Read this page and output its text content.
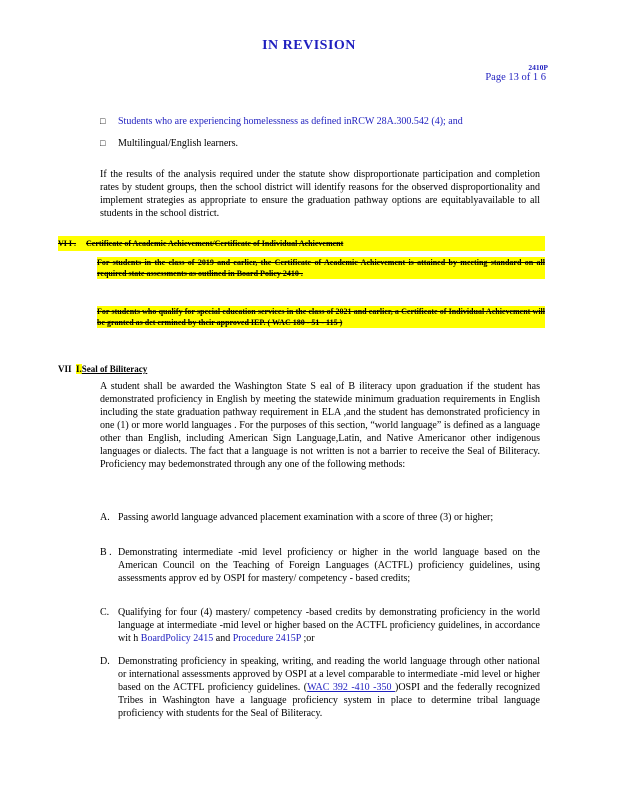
IN REVISION
2410P
Page 13 of 1 6
□ Students who are experiencing homelessness as defined inRCW 28A.300.542 (4); and
□ Multilingual/English learners.
If the results of the analysis required under the statute show disproportionate participation and completion rates by student groups, then the school district will identify reasons for the observed disproportionality and implement strategies as appropriate to ensure the graduation pathway options are equitablyavailable to all students in the school district.
VI I . Certificate of Academic Achievement/Certificate of Individual Achievement
For students in the class of 2019 and earlier, the Certificate of Academic Achievement is attained by meeting standard on all required state assessments as outlined in Board Policy 2410 .
For students who qualify for special education services in the class of 2021 and earlier, a Certificate of Individual Achievement will be granted as det ermined by their approved IEP. ( WAC 180 - 51 - 115 )
VII I.Seal of Biliteracy
A student shall be awarded the Washington State S eal of B iliteracy upon graduation if the student has demonstrated proficiency in English by meeting the statewide minimum graduation requirements in English including the state graduation pathway requirement in ELA ,and the student has demonstrated proficiency in one (1) or more world languages . For the purposes of this section, “world language” is defined as a language other than English, including American Sign Language,Latin, and Native Americanor other indigenous languages or dialects. The fact that a language is not written is not a barrier to receive the Seal of Biliteracy. Proficiency may bedemonstrated through any one of the following methods:
A. Passing aworld language advanced placement examination with a score of three (3) or higher;
B . Demonstrating intermediate -mid level proficiency or higher in the world language based on the American Council on the Teaching of Foreign Languages (ACTFL) proficiency guidelines, using assessments approv ed by OSPI for mastery/ competency - based credits;
C. Qualifying for four (4) mastery/ competency -based credits by demonstrating proficiency in the world language at intermediate -mid level or higher based on the ACTFL proficiency guidelines, in accordance wit h BoardPolicy 2415 and Procedure 2415P ;or
D. Demonstrating proficiency in speaking, writing, and reading the world language through other national or international assessments approved by OSPI at a level comparable to intermediate -mid level or higher based on the ACTFL proficiency guidelines. (WAC 392 -410 -350 )OSPI and the federally recognized Tribes in Washington have a language proficiency system in place to determine tribal language proficiency with students for the Seal of Biliteracy.
